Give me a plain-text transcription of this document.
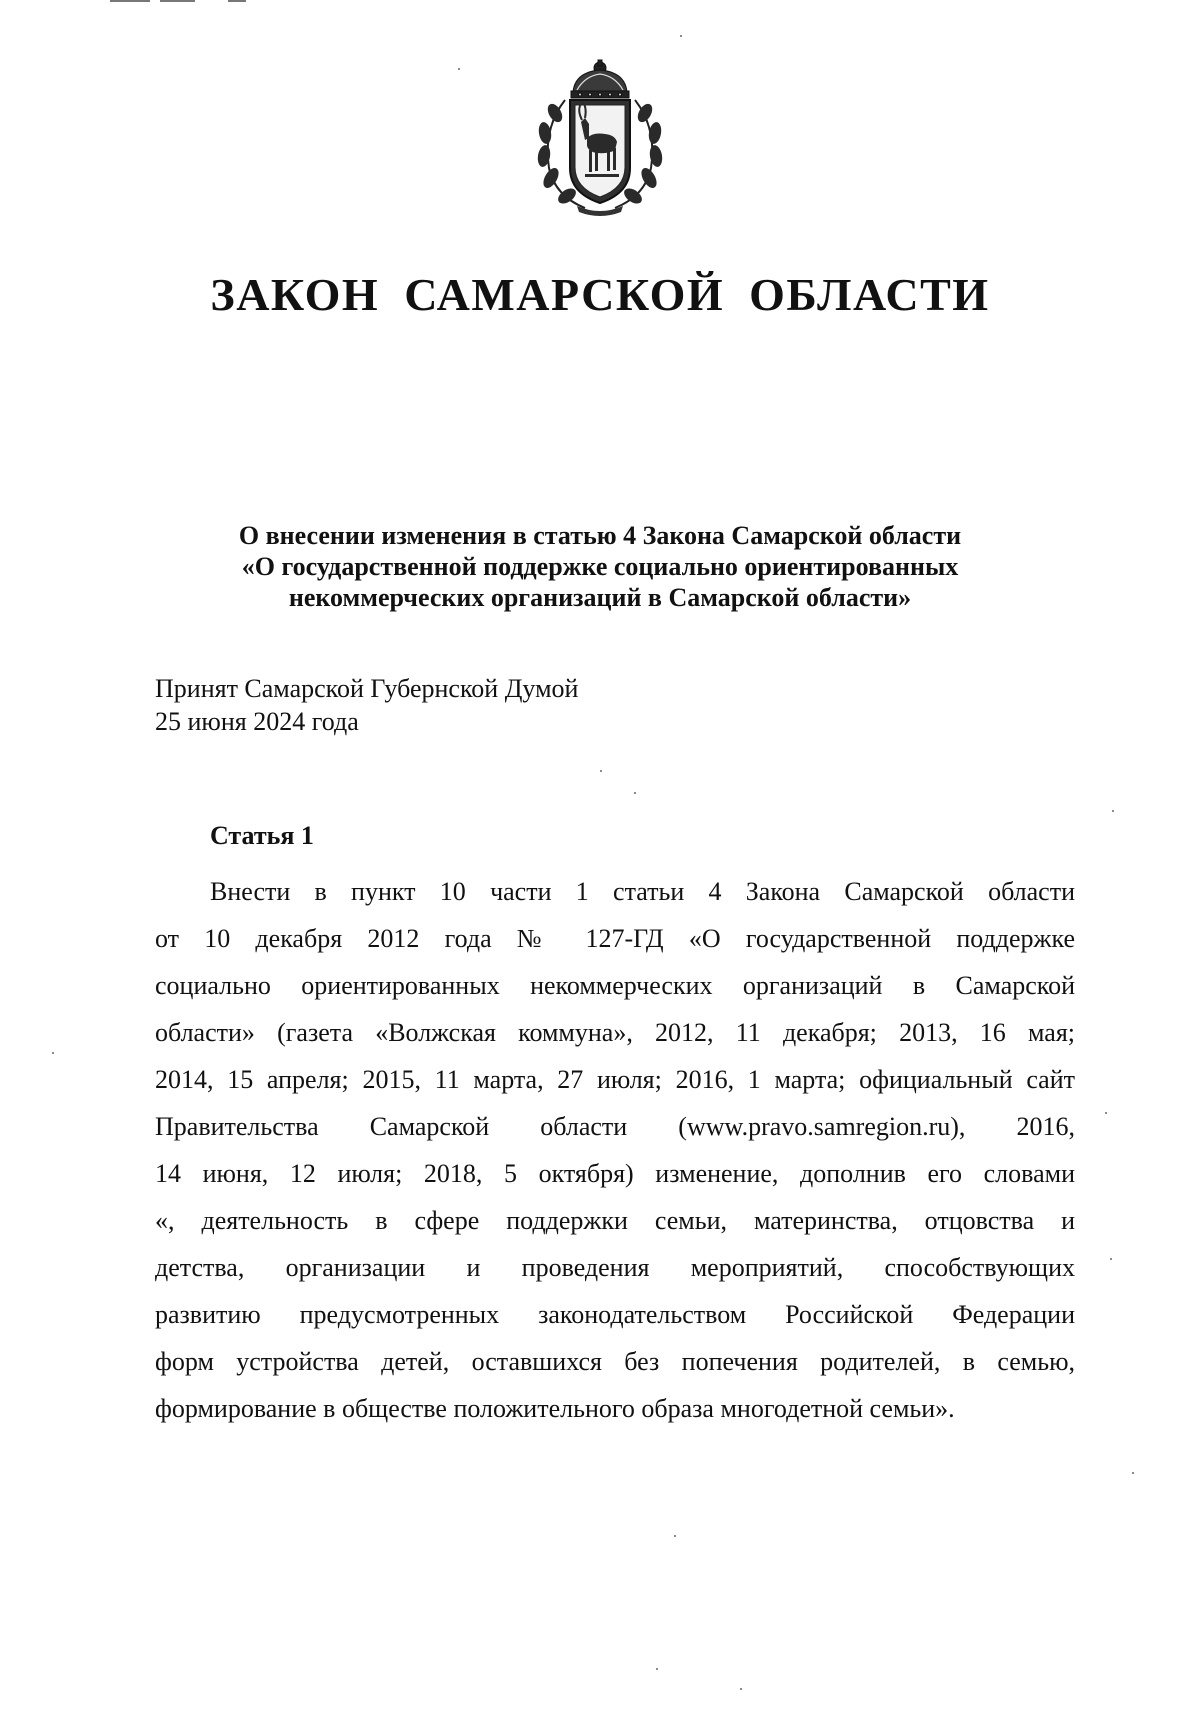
ЗАКОН САМАРСКОЙ ОБЛАСТИ
О внесении изменения в статью 4 Закона Самарской области
«О государственной поддержке социально ориентированных
некоммерческих организаций в Самарской области»
Принят Самарской Губернской Думой
25 июня 2024 года
Статья 1
Внести в пункт 10 части 1 статьи 4 Закона Самарской области
от 10 декабря 2012 года № 127-ГД «О государственной поддержке
социально ориентированных некоммерческих организаций в Самарской
области» (газета «Волжская коммуна», 2012, 11 декабря; 2013, 16 мая;
2014, 15 апреля; 2015, 11 марта, 27 июля; 2016, 1 марта; официальный сайт
Правительства Самарской области (www.pravo.samregion.ru), 2016,
14 июня, 12 июля; 2018, 5 октября) изменение, дополнив его словами
«, деятельность в сфере поддержки семьи, материнства, отцовства и
детства, организации и проведения мероприятий, способствующих
развитию предусмотренных законодательством Российской Федерации
форм устройства детей, оставшихся без попечения родителей, в семью,
формирование в обществе положительного образа многодетной семьи».
